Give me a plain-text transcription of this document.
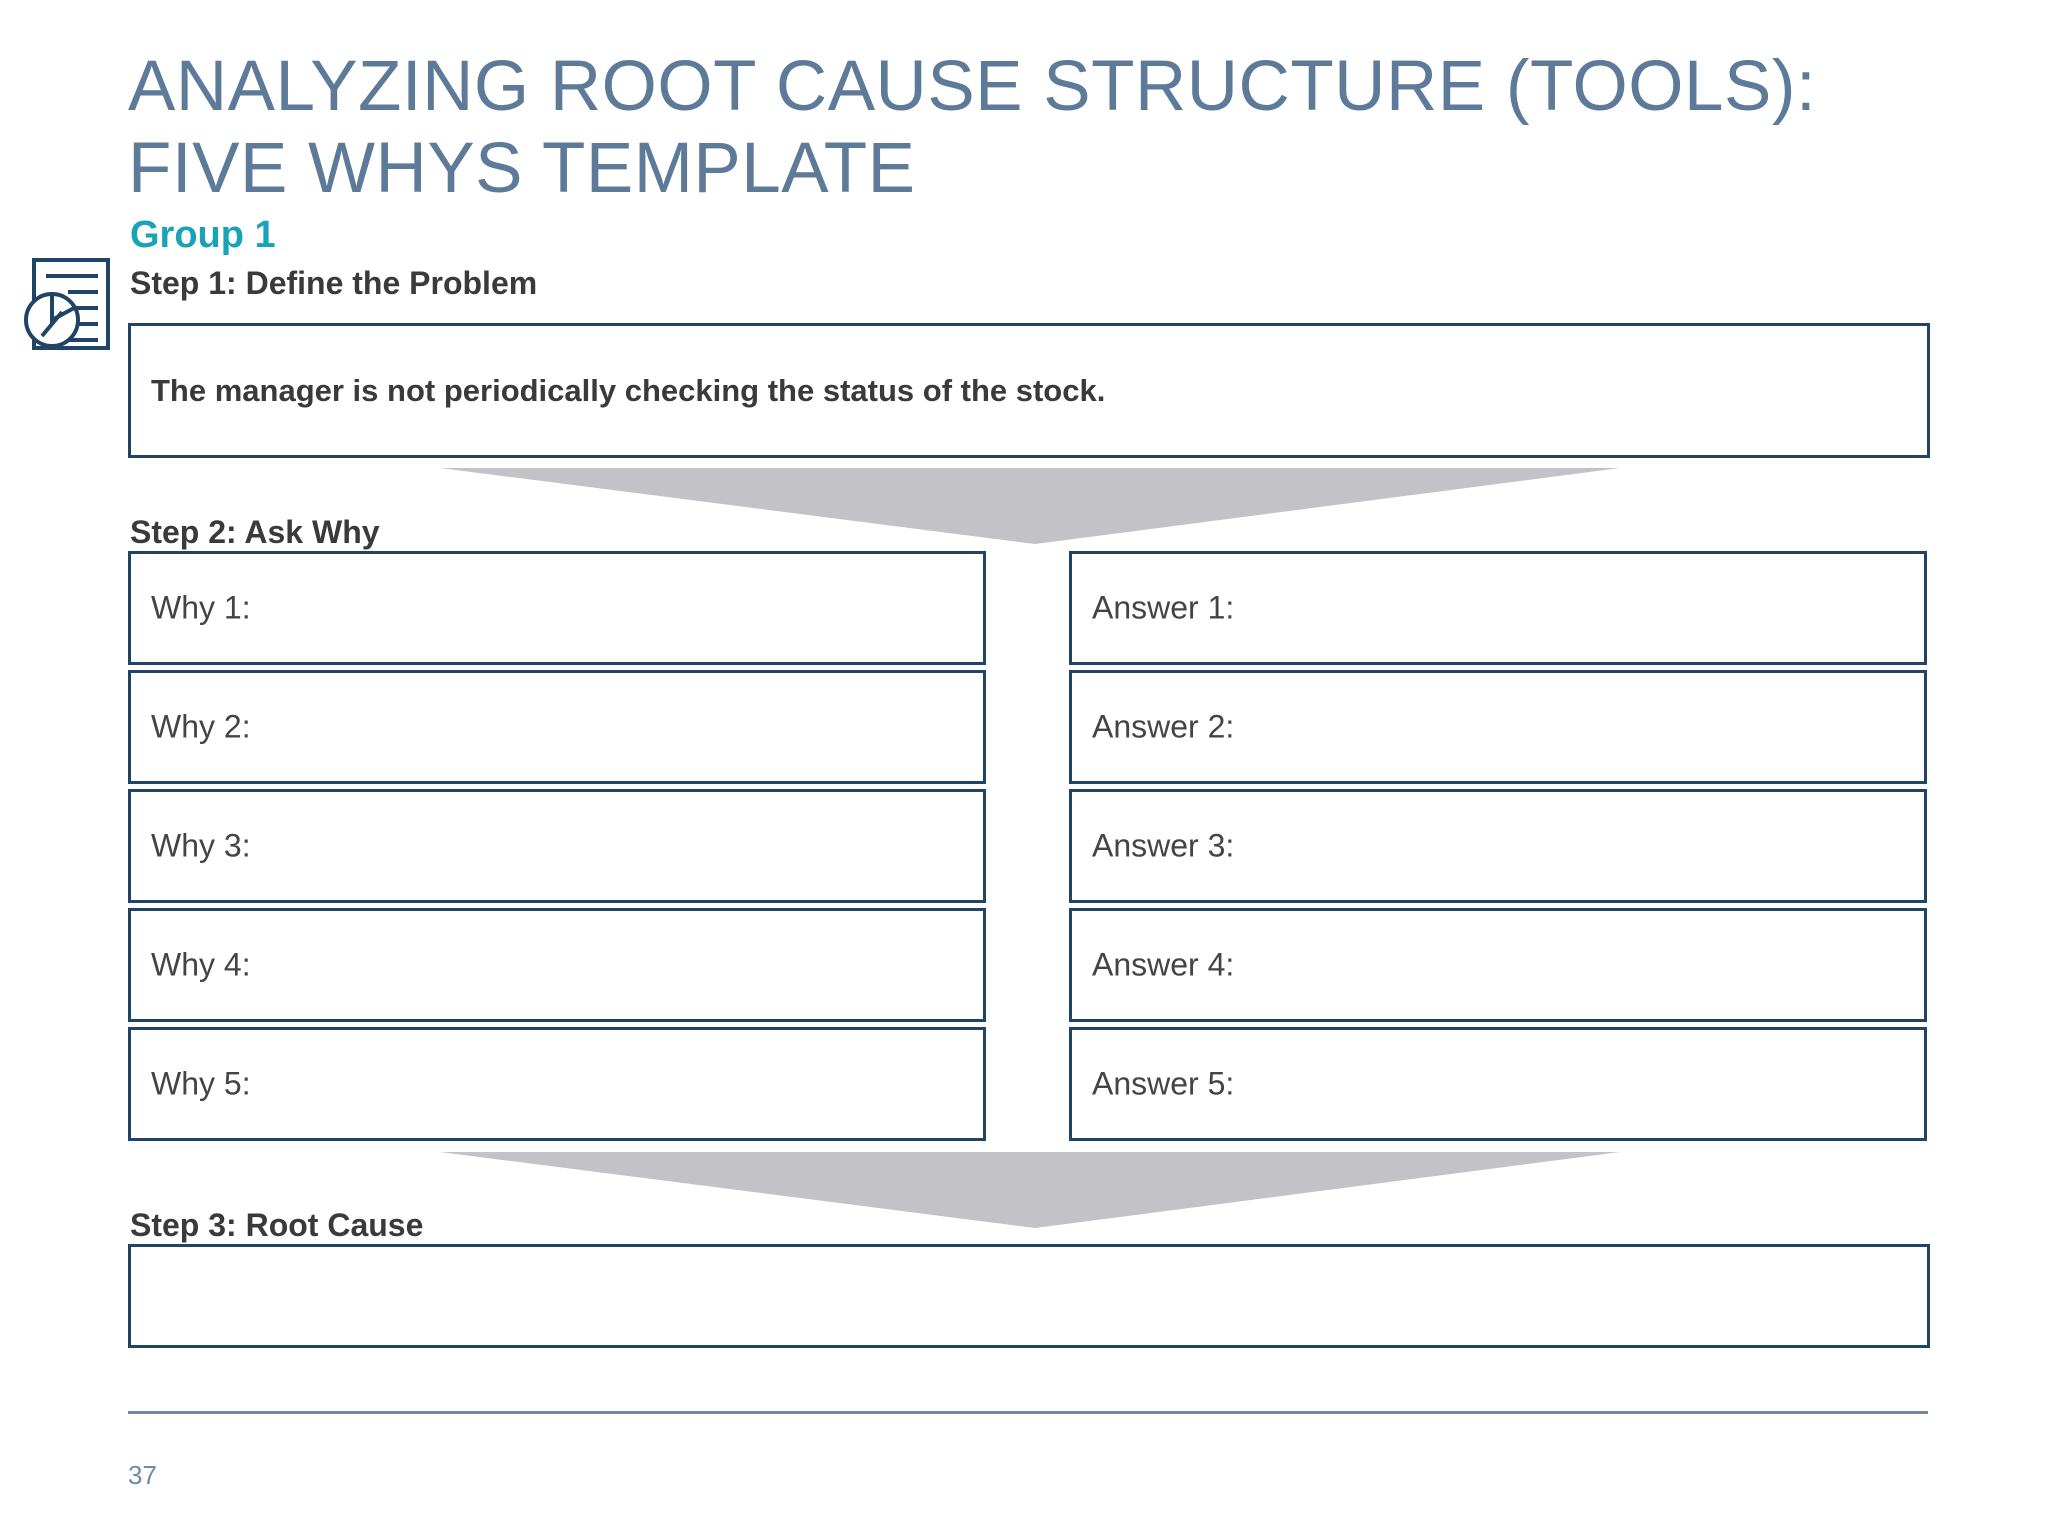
ANALYZING ROOT CAUSE STRUCTURE (TOOLS): FIVE WHYS TEMPLATE
Group 1
Step 1: Define the Problem
The manager is not periodically checking the status of the stock.
Step 2: Ask Why
Why 1:
Why 2:
Why 3:
Why 4:
Why 5:
Answer 1:
Answer 2:
Answer 3:
Answer 4:
Answer 5:
Step 3: Root Cause
37
